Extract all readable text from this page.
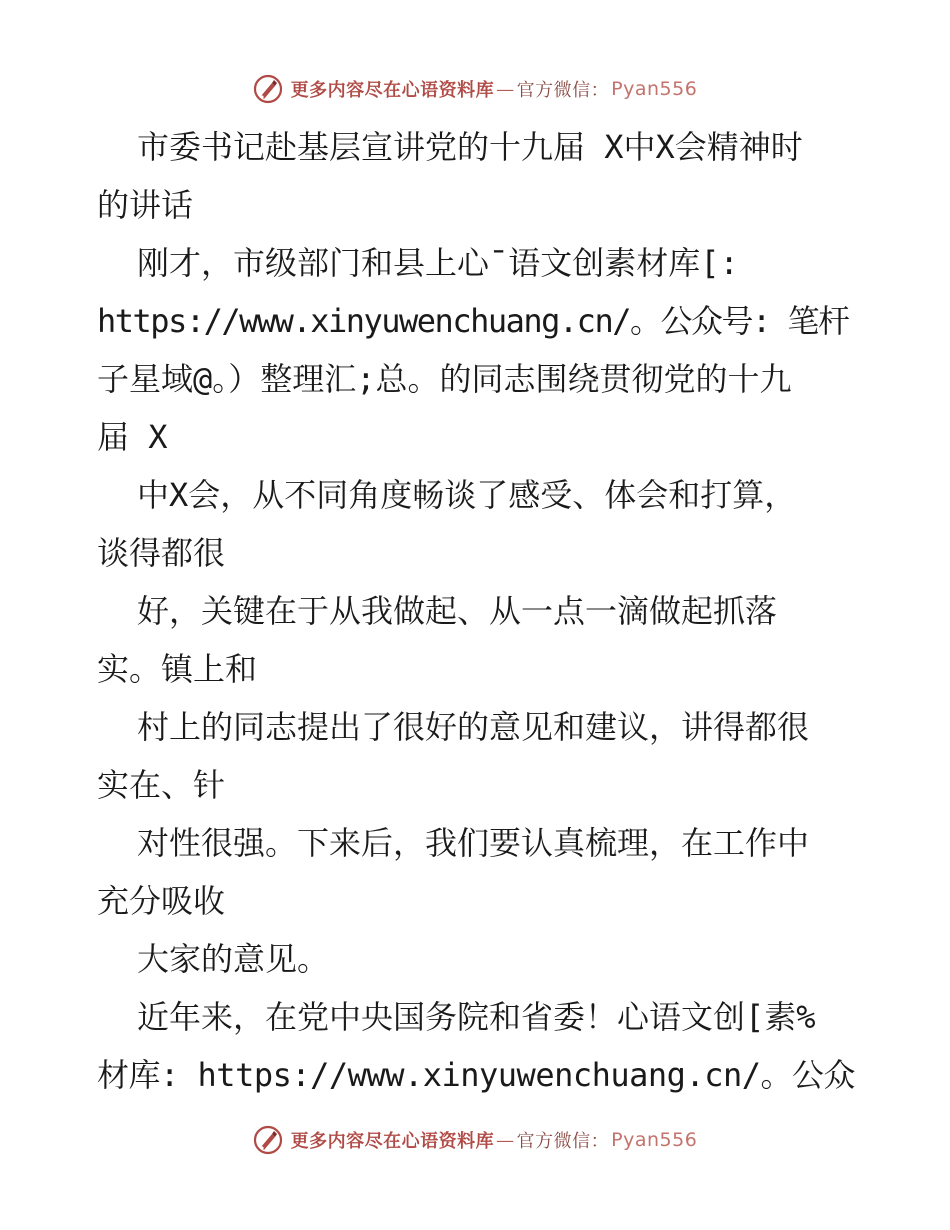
更多内容尽在心语资料库 — 官方微信： Pyan556
市委书记赴基层宣讲党的十九届 X中X会精神时
的讲话
刚才，市级部门和县上心¯语文创素材库[:
https://www.xinyuwenchuang.cn/。公众号: 笔杆
子星域@。）整理汇;总。的同志围绕贯彻党的十九
届 X
中X会，从不同角度畅谈了感受、体会和打算，
谈得都很
好，关键在于从我做起、从一点一滴做起抓落
实。镇上和
村上的同志提出了很好的意见和建议，讲得都很
实在、针
对性很强。下来后，我们要认真梳理，在工作中
充分吸收
大家的意见。
近年来，在党中央国务院和省委！心语文创[素%
材库: https://www.xinyuwenchuang.cn/。公众
更多内容尽在心语资料库 — 官方微信： Pyan556
